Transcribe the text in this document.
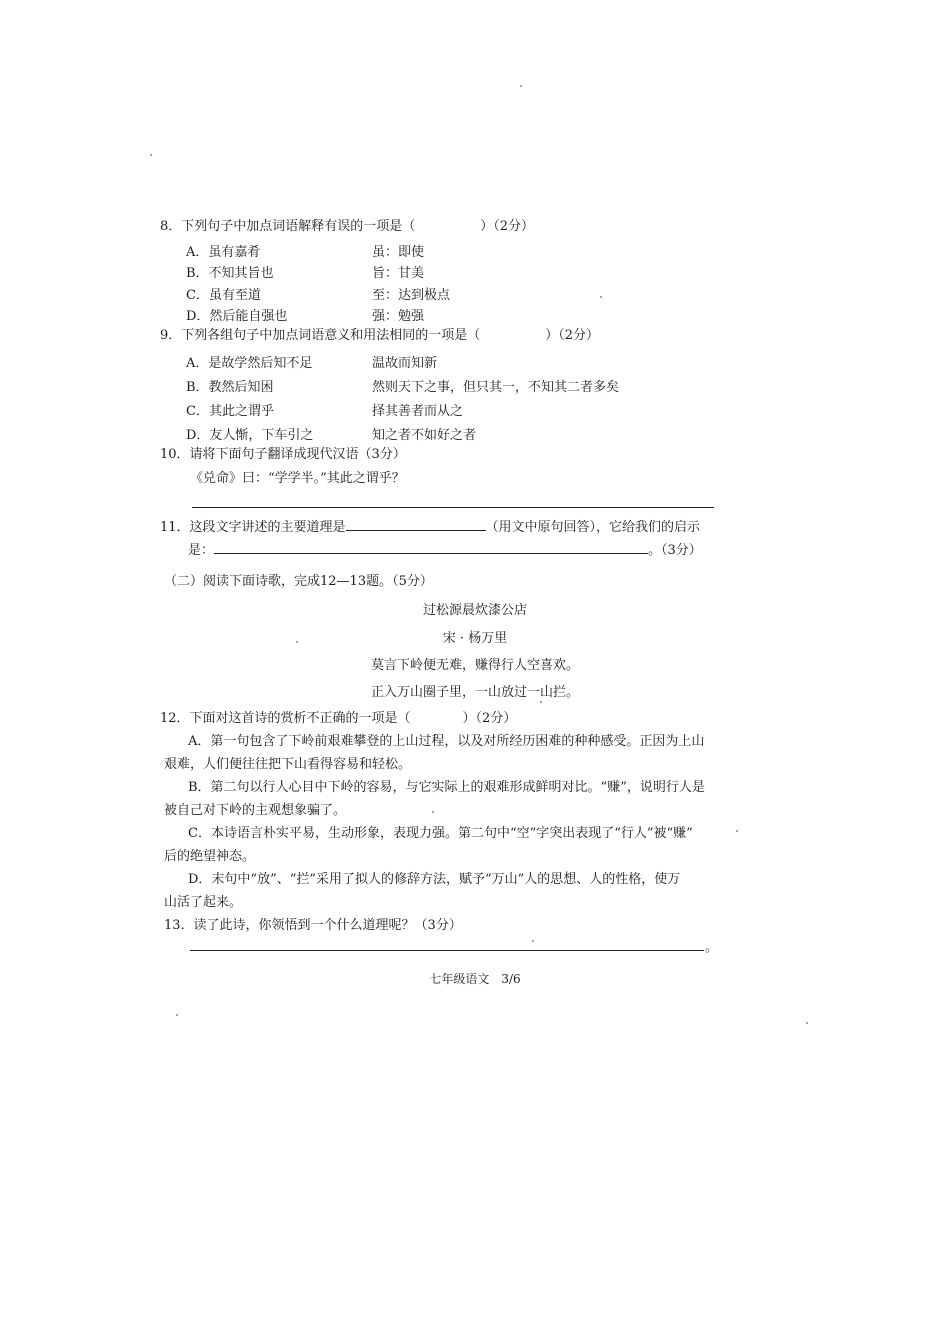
8．下列句子中加点词语解释有误的一项是（　　　　　）（2分）
A．虽有嘉肴	虽：即使
B．不知其旨也	旨：甘美
C．虽有至道	至：达到极点
D．然后能自强也	强：勉强
9．下列各组句子中加点词语意义和用法相同的一项是（　　　　　）（2分）
A．是故学然后知不足	温故而知新
B．教然后知困	然则天下之事，但只其一，不知其二者多矣
C．其此之谓乎	择其善者而从之
D．友人惭，下车引之	知之者不如好之者
10．请将下面句子翻译成现代汉语（3分）
《兑命》曰：“学学半。”其此之谓乎？
11．这段文字讲述的主要道理是	（用文中原句回答），它给我们的启示
是：	。（3分）
（二）阅读下面诗歌，完成12—13题。（5分）
过松源晨炊漆公店
宋 · 杨万里
莫言下岭便无难，赚得行人空喜欢。
正入万山圈子里，一山放过一山拦。
12．下面对这首诗的赏析不正确的一项是（　　　　）（2分）
A．第一句包含了下岭前艰难攀登的上山过程，以及对所经历困难的种种感受。正因为上山
艰难，人们便往往把下山看得容易和轻松。
B．第二句以行人心目中下岭的容易，与它实际上的艰难形成鲜明对比。“赚”，说明行人是
被自己对下岭的主观想象骗了。
C．本诗语言朴实平易，生动形象，表现力强。第二句中“空”字突出表现了“行人”被“赚”
后的绝望神态。
D．末句中“放”、“拦”采用了拟人的修辞方法，赋予“万山”人的思想、人的性格，使万
山活了起来。
13．读了此诗，你领悟到一个什么道理呢？（3分）
。
七年级语文　3/6
